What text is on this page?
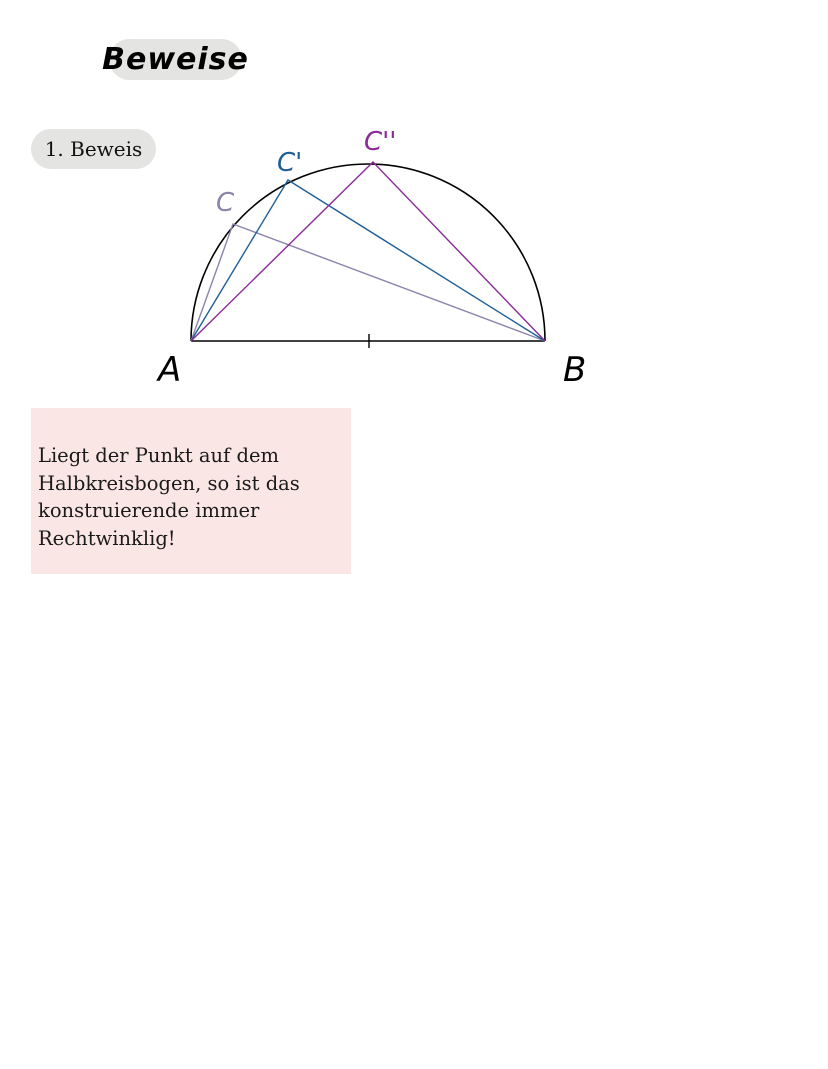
Beweise
1. Beweis
A	B
C
C'
C''

Liegt der Punkt auf dem
Halbkreisbogen, so ist das
konstruierende immer
Rechtwinklig!
